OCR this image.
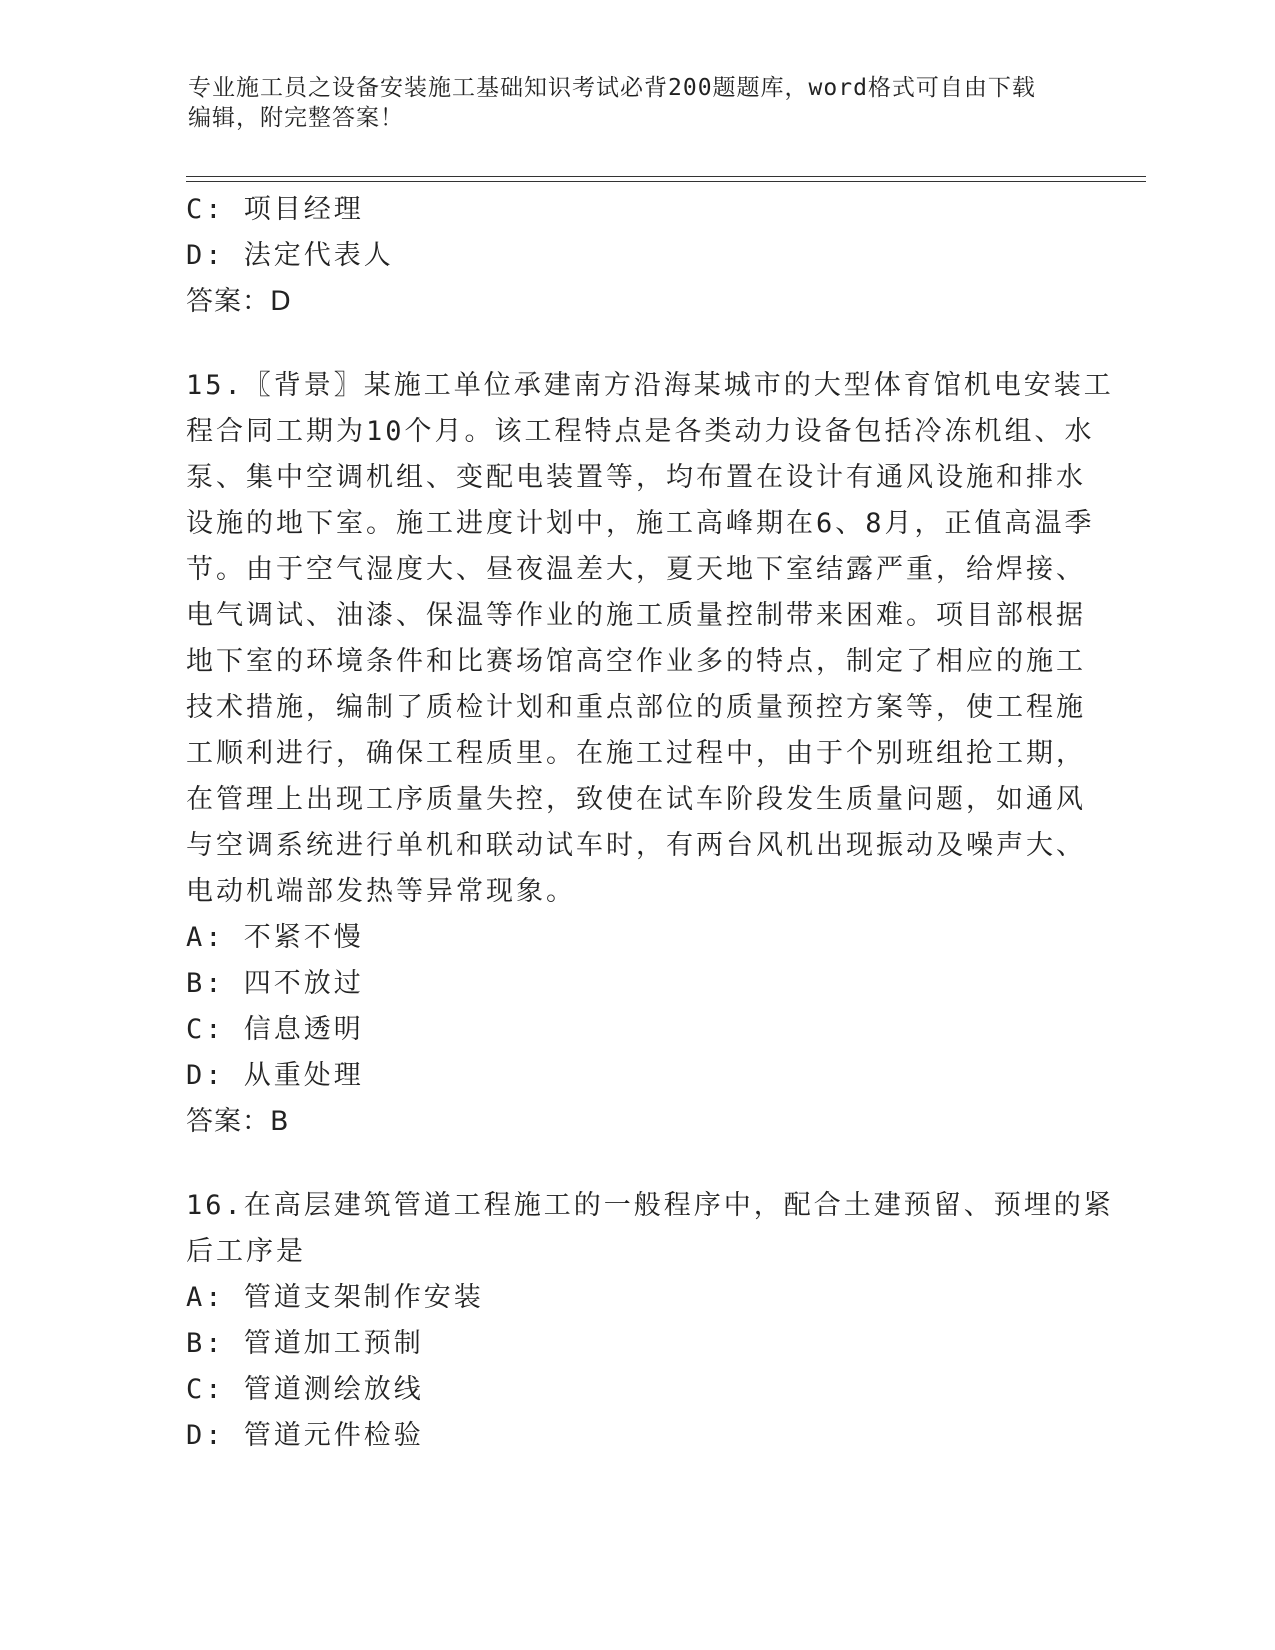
专业施工员之设备安装施工基础知识考试必背200题题库，word格式可自由下载
编辑，附完整答案！
C: 项目经理
D: 法定代表人
答案：D
15.〖背景〗某施工单位承建南方沿海某城市的大型体育馆机电安装工
程合同工期为10个月。该工程特点是各类动力设备包括冷冻机组、水
泵、集中空调机组、变配电装置等，均布置在设计有通风设施和排水
设施的地下室。施工进度计划中，施工高峰期在6、8月，正值高温季
节。由于空气湿度大、昼夜温差大，夏天地下室结露严重，给焊接、
电气调试、油漆、保温等作业的施工质量控制带来困难。项目部根据
地下室的环境条件和比赛场馆高空作业多的特点，制定了相应的施工
技术措施，编制了质检计划和重点部位的质量预控方案等，使工程施
工顺利进行，确保工程质里。在施工过程中，由于个别班组抢工期，
在管理上出现工序质量失控，致使在试车阶段发生质量问题，如通风
与空调系统进行单机和联动试车时，有两台风机出现振动及噪声大、
电动机端部发热等异常现象。
A: 不紧不慢
B: 四不放过
C: 信息透明
D: 从重处理
答案：B
16.在高层建筑管道工程施工的一般程序中，配合土建预留、预埋的紧
后工序是
A: 管道支架制作安装
B: 管道加工预制
C: 管道测绘放线
D: 管道元件检验
